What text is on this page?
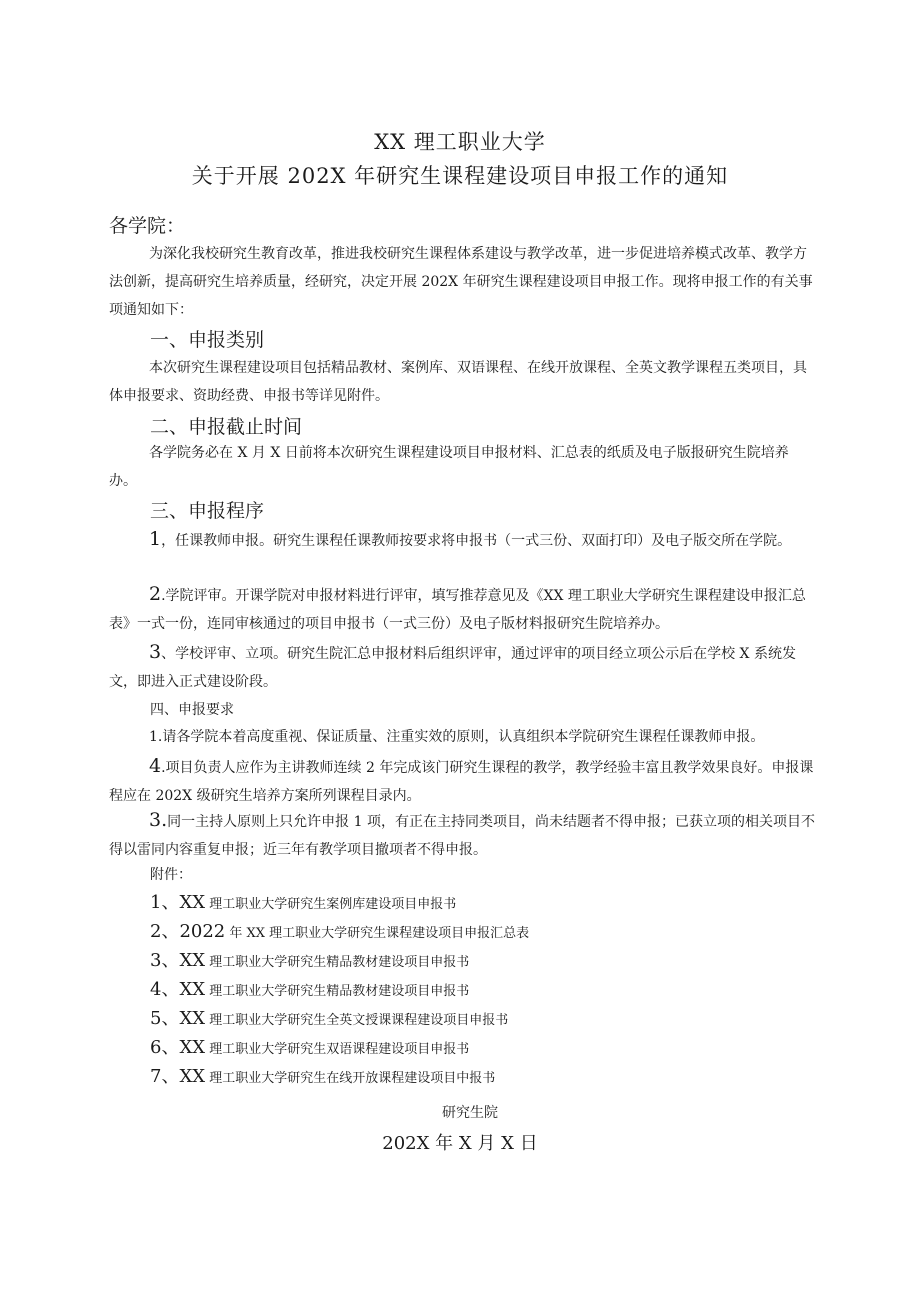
XX 理工职业大学
关于开展 202X 年研究生课程建设项目申报工作的通知
各学院：

为深化我校研究生教育改革，推进我校研究生课程体系建设与教学改革，进一步促进培养模式改革、教学方法创新，提高研究生培养质量，经研究，决定开展 202X 年研究生课程建设项目申报工作。现将申报工作的有关事项通知如下：

一、申报类别

本次研究生课程建设项目包括精品教材、案例库、双语课程、在线开放课程、全英文教学课程五类项目，具体申报要求、资助经费、申报书等详见附件。

二、申报截止时间

各学院务必在 X 月 X 日前将本次研究生课程建设项目申报材料、汇总表的纸质及电子版报研究生院培养办。

三、申报程序

1，任课教师申报。研究生课程任课教师按要求将申报书（一式三份、双面打印）及电子版交所在学院。

2.学院评审。开课学院对申报材料进行评审，填写推荐意见及《XX 理工职业大学研究生课程建设申报汇总表》一式一份，连同审核通过的项目申报书（一式三份）及电子版材料报研究生院培养办。

3、学校评审、立项。研究生院汇总申报材料后组织评审，通过评审的项目经立项公示后在学校 X 系统发文，即进入正式建设阶段。

四、申报要求

1.请各学院本着高度重视、保证质量、注重实效的原则，认真组织本学院研究生课程任课教师申报。

4.项目负责人应作为主讲教师连续 2 年完成该门研究生课程的教学，教学经验丰富且教学效果良好。申报课程应在 202X 级研究生培养方案所列课程目录内。

3.同一主持人原则上只允许申报 1 项，有正在主持同类项目，尚未结题者不得申报；已获立项的相关项目不得以雷同内容重复申报；近三年有教学项目撤项者不得申报。

附件：
1、XX 理工职业大学研究生案例库建设项目申报书
2、2022 年 XX 理工职业大学研究生课程建设项目申报汇总表
3、XX 理工职业大学研究生精品教材建设项目申报书
4、XX 理工职业大学研究生精品教材建设项目申报书
5、XX 理工职业大学研究生全英文授课课程建设项目申报书
6、XX 理工职业大学研究生双语课程建设项目申报书
7、XX 理工职业大学研究生在线开放课程建设项目中报书
研究生院
202X 年 X 月 X 日
